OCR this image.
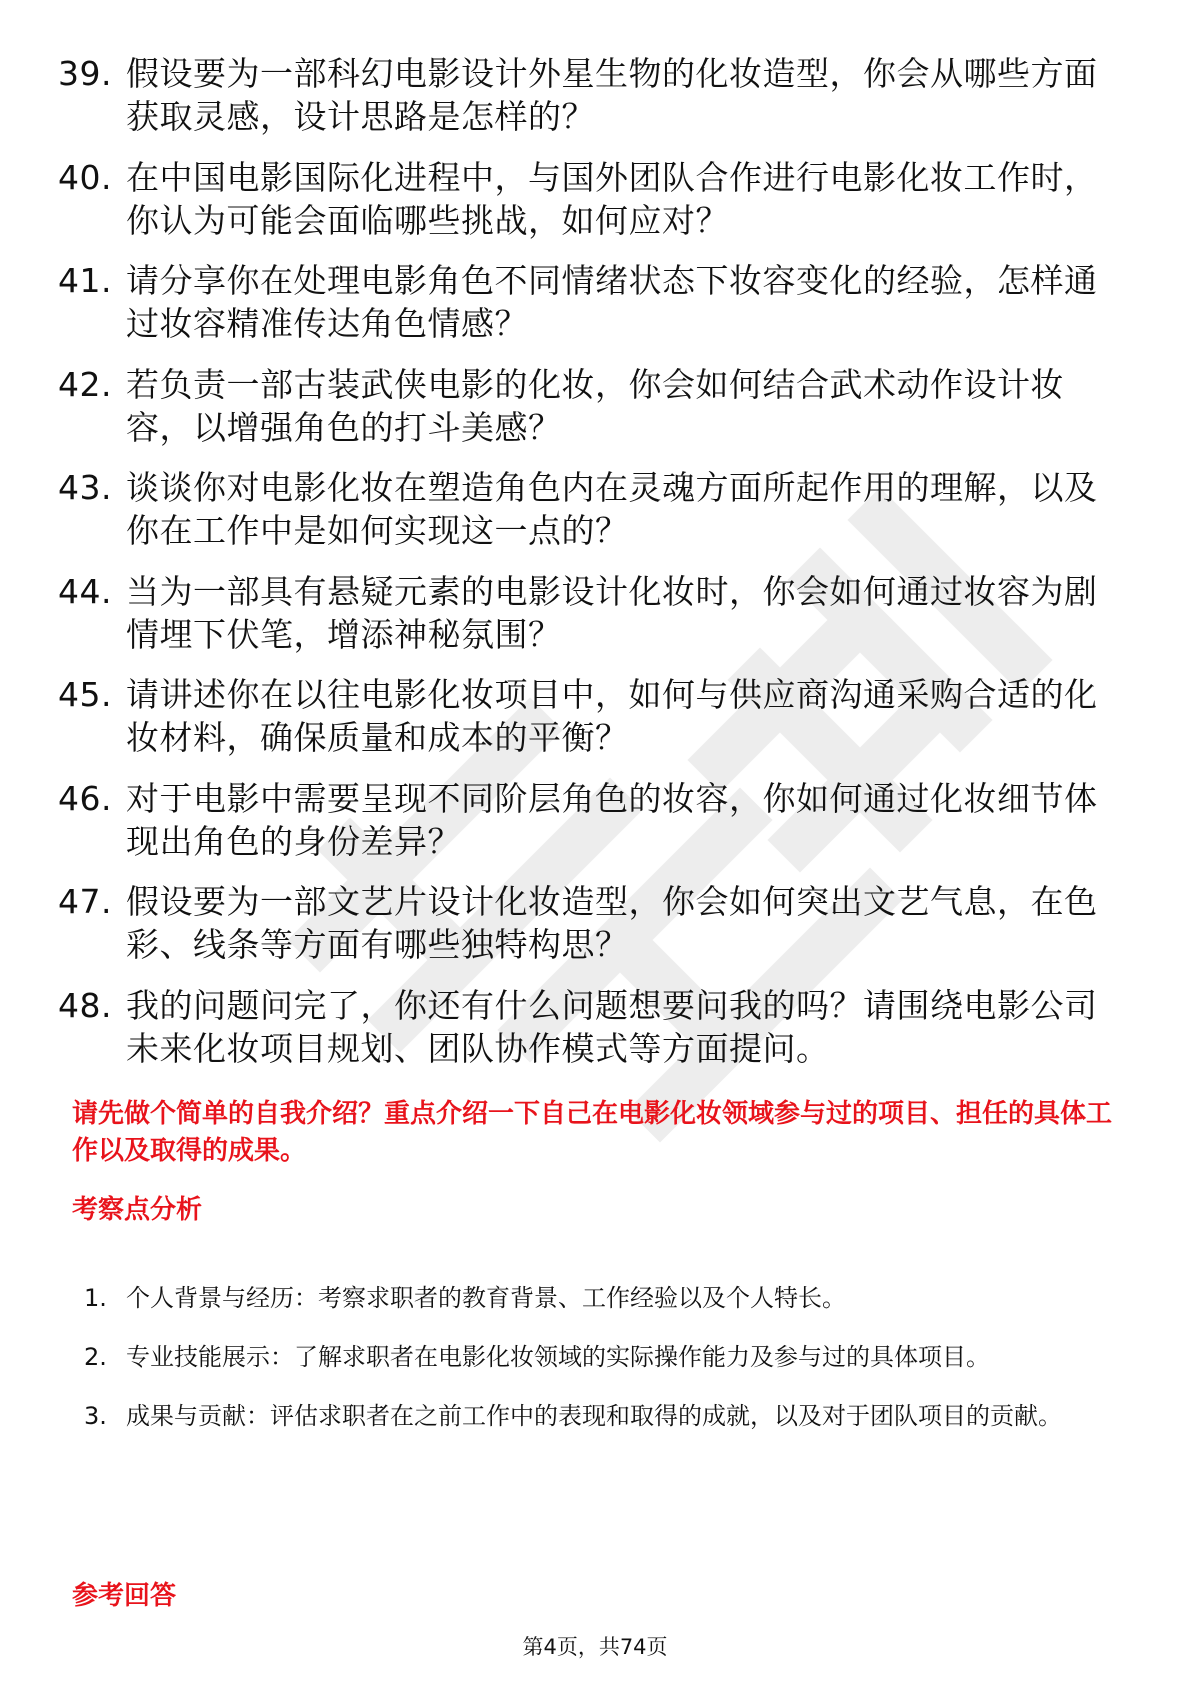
39. 假设要为一部科幻电影设计外星生物的化妆造型，你会从哪些方面获取灵感，设计思路是怎样的？
40. 在中国电影国际化进程中，与国外团队合作进行电影化妆工作时，你认为可能会面临哪些挑战，如何应对？
41. 请分享你在处理电影角色不同情绪状态下妆容变化的经验，怎样通过妆容精准传达角色情感？
42. 若负责一部古装武侠电影的化妆，你会如何结合武术动作设计妆容，以增强角色的打斗美感？
43. 谈谈你对电影化妆在塑造角色内在灵魂方面所起作用的理解，以及你在工作中是如何实现这一点的？
44. 当为一部具有悬疑元素的电影设计化妆时，你会如何通过妆容为剧情埋下伏笔，增添神秘氛围？
45. 请讲述你在以往电影化妆项目中，如何与供应商沟通采购合适的化妆材料，确保质量和成本的平衡？
46. 对于电影中需要呈现不同阶层角色的妆容，你如何通过化妆细节体现出角色的身份差异？
47. 假设要为一部文艺片设计化妆造型，你会如何突出文艺气息，在色彩、线条等方面有哪些独特构思？
48. 我的问题问完了，你还有什么问题想要问我的吗？请围绕电影公司未来化妆项目规划、团队协作模式等方面提问。

请先做个简单的自我介绍？重点介绍一下自己在电影化妆领域参与过的项目、担任的具体工作以及取得的成果。

考察点分析
1. 个人背景与经历：考察求职者的教育背景、工作经验以及个人特长。
2. 专业技能展示：了解求职者在电影化妆领域的实际操作能力及参与过的具体项目。
3. 成果与贡献：评估求职者在之前工作中的表现和取得的成就，以及对于团队项目的贡献。
参考回答
第4页，共74页
